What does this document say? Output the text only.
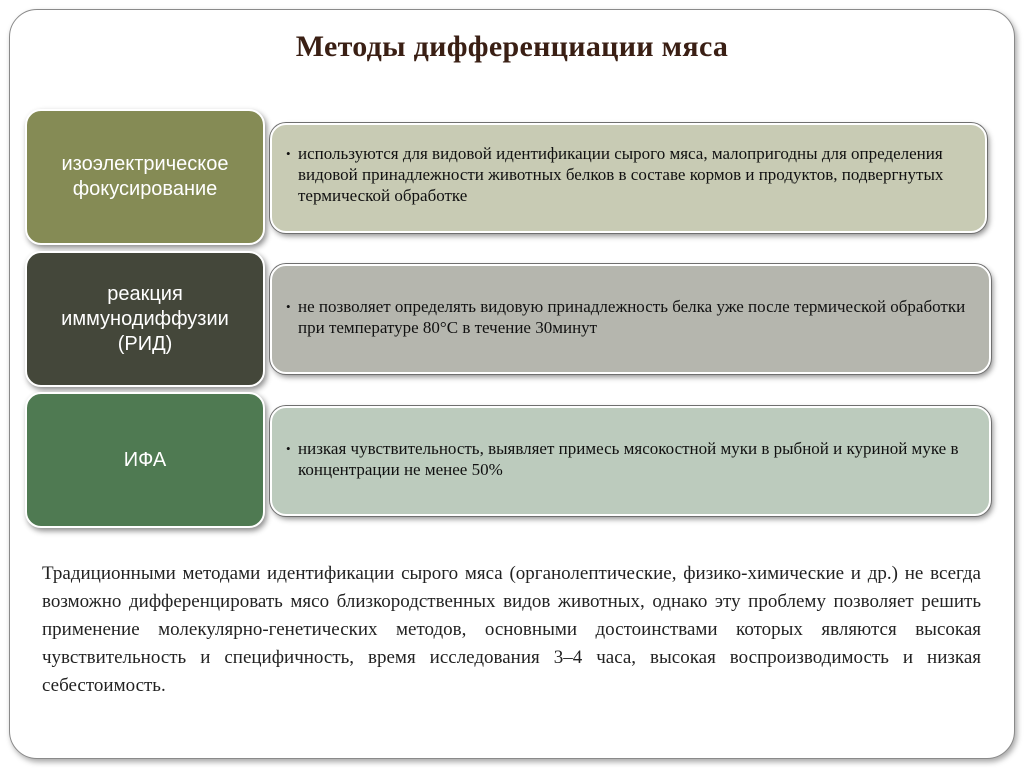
Методы дифференциации мяса
изоэлектрическое фокусирование
• используются для видовой идентификации сырого мяса, малопригодны для определения видовой принадлежности животных белков в составе кормов и продуктов, подвергнутых термической обработке
реакция иммунодиффузии (РИД)
• не позволяет определять видовую принадлежность белка уже после термической обработки при температуре 80°С в течение 30минут
ИФА	• низкая чувствительность, выявляет примесь мясокостной муки в рыбной и куриной муке в концентрации не менее 50%
Традиционными методами идентификации сырого мяса (органолептические, физико-химические и др.) не всегда возможно дифференцировать мясо близкородственных видов животных, однако эту проблему позволяет решить применение молекулярно-генетических методов, основными достоинствами которых являются высокая чувствительность и специфичность, время исследования 3–4 часа, высокая воспроизводимость и низкая себестоимость.
